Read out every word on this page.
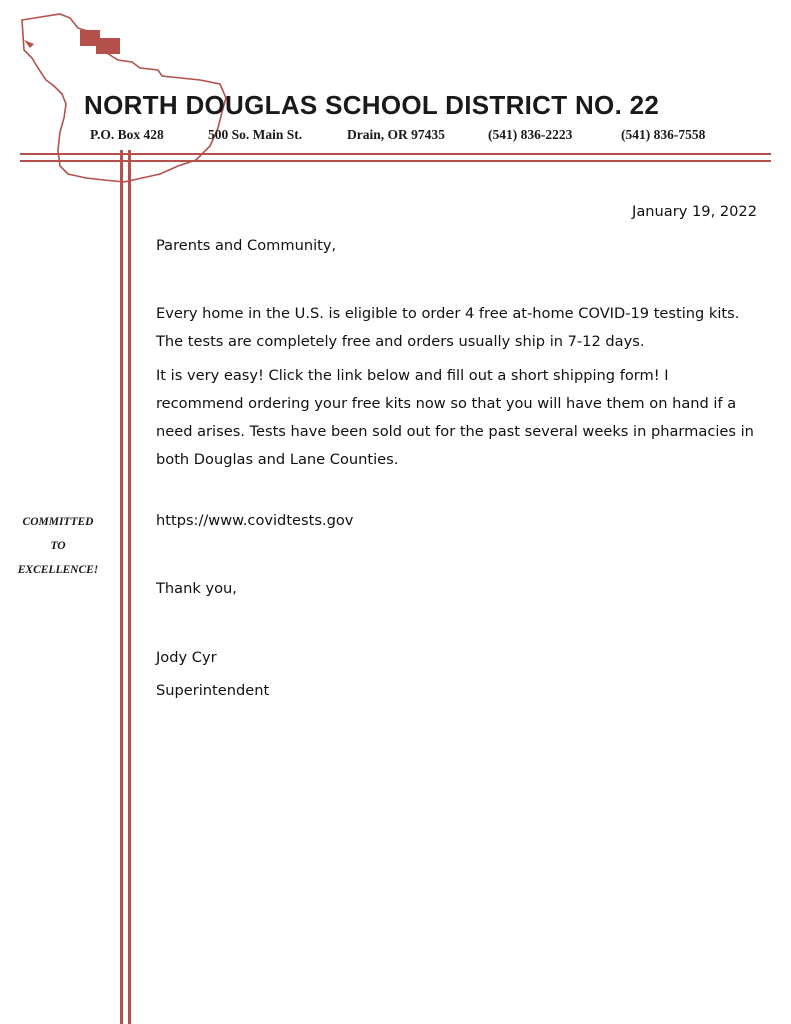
NORTH DOUGLAS SCHOOL DISTRICT NO. 22
P.O. Box 428	500 So. Main St.	Drain, OR 97435	(541) 836-2223	(541) 836-7558
COMMITTED
TO
EXCELLENCE!
January 19, 2022
Parents and Community,
Every home in the U.S. is eligible to order 4 free at-home COVID-19 testing kits.
The tests are completely free and orders usually ship in 7-12 days.
It is very easy! Click the link below and fill out a short shipping form! I
recommend ordering your free kits now so that you will have them on hand if a
need arises. Tests have been sold out for the past several weeks in pharmacies in
both Douglas and Lane Counties.
https://www.covidtests.gov
Thank you,
Jody Cyr
Superintendent
